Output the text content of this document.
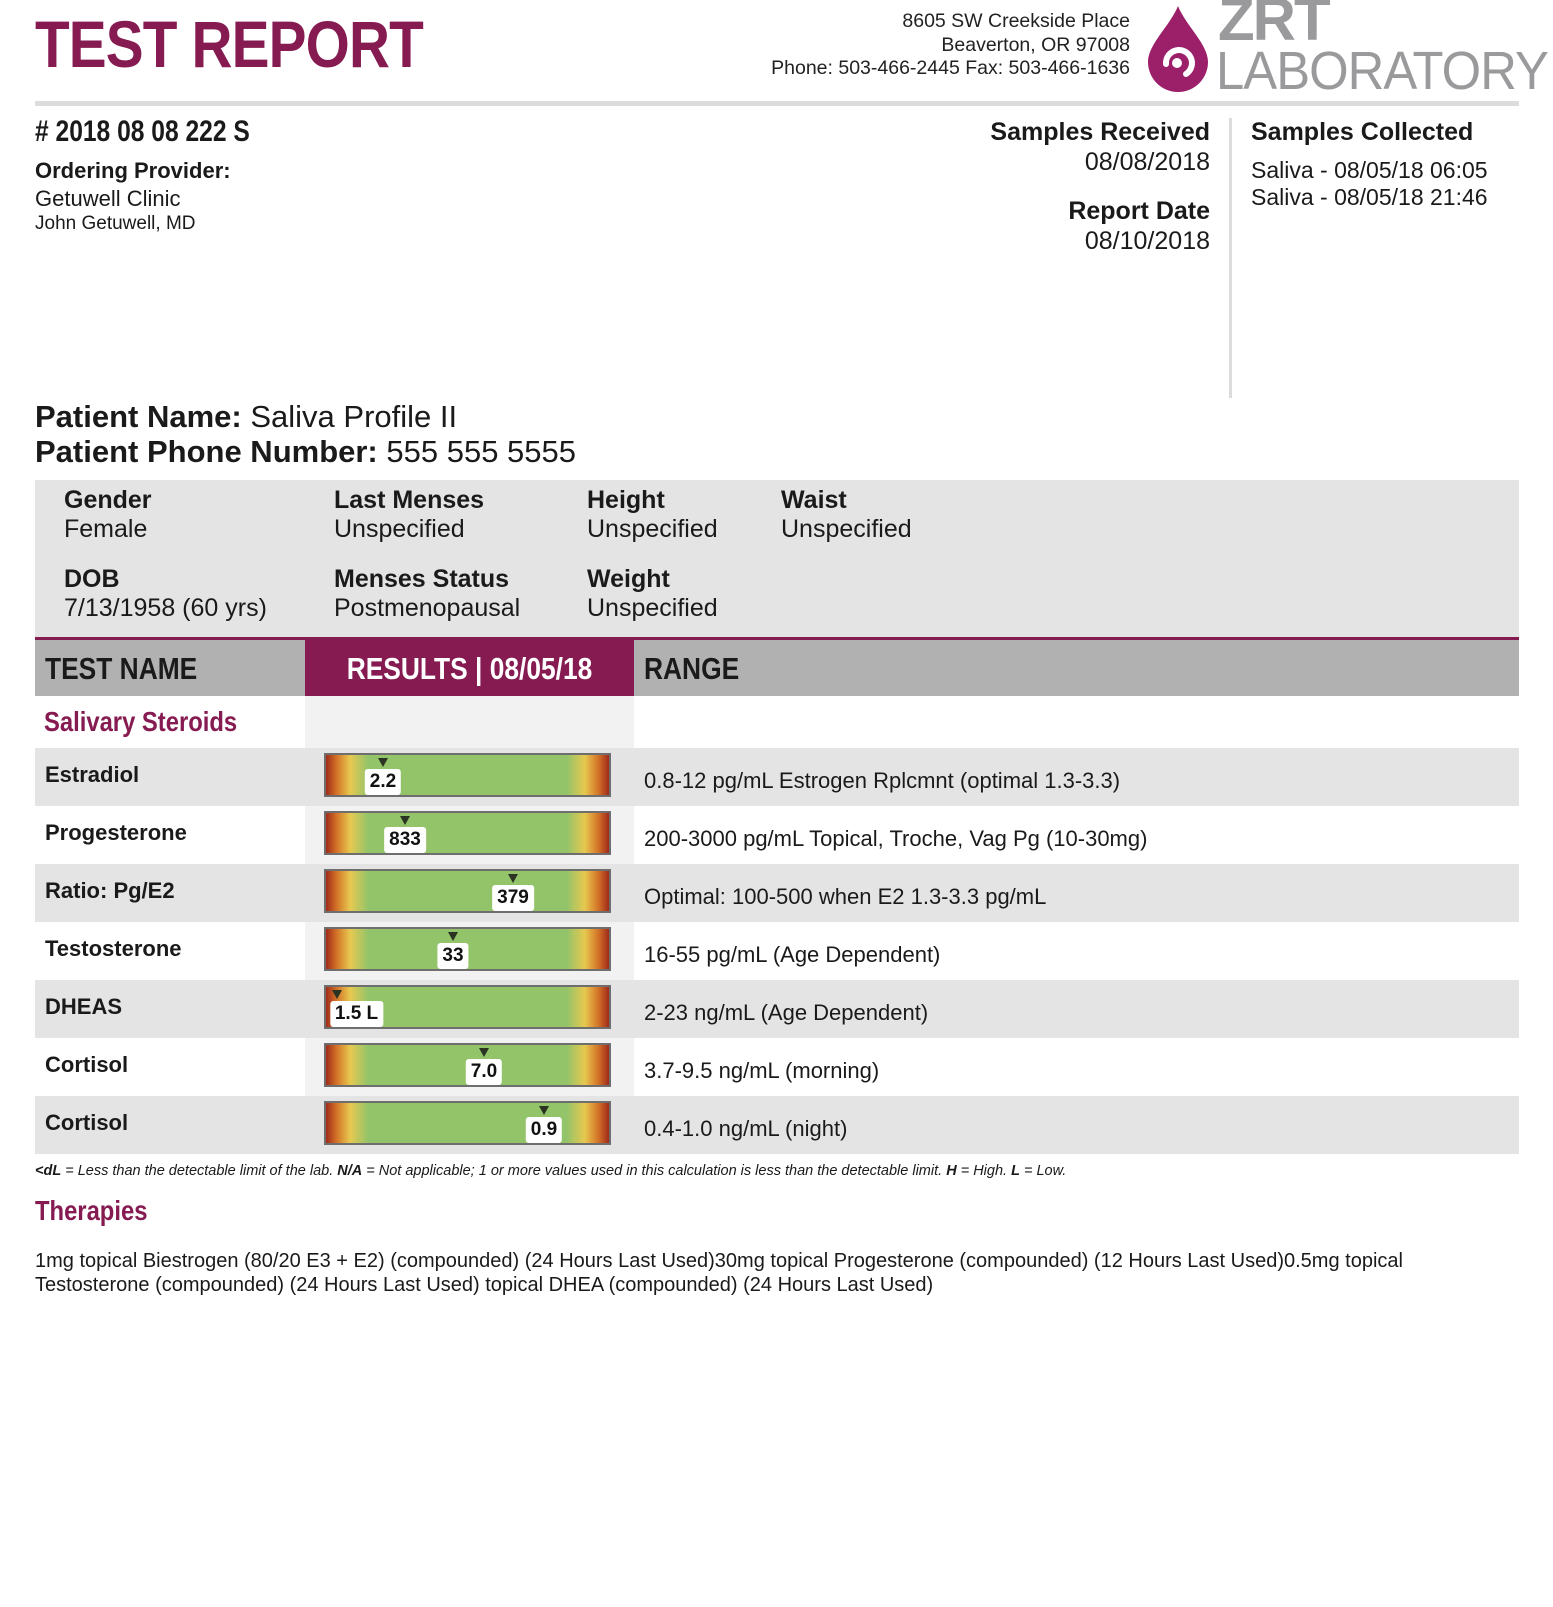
TEST REPORT	8605 SW Creekside Place
Beaverton, OR 97008
Phone: 503-466-2445 Fax: 503-466-1636
ZRT
LABORATORY
# 2018 08 08 222 S
Ordering Provider:
Getuwell Clinic
John Getuwell, MD
Samples Received
08/08/2018
Report Date
08/10/2018
Samples Collected
Saliva - 08/05/18 06:05
Saliva - 08/05/18 21:46
Patient Name: Saliva Profile II
Patient Phone Number: 555 555 5555
Gender
Female
Last Menses
Unspecified
Height
Unspecified
Waist
Unspecified
DOB
7/13/1958 (60 yrs)
Menses Status
Postmenopausal
Weight
Unspecified
TEST NAME	RESULTS | 08/05/18	RANGE
Salivary Steroids
Estradiol	2.2	0.8-12 pg/mL Estrogen Rplcmnt (optimal 1.3-3.3)
Progesterone	833	200-3000 pg/mL Topical, Troche, Vag Pg (10-30mg)
Ratio: Pg/E2	379	Optimal: 100-500 when E2 1.3-3.3 pg/mL
Testosterone	33	16-55 pg/mL (Age Dependent)
DHEAS	1.5 L	2-23 ng/mL (Age Dependent)
Cortisol	7.0	3.7-9.5 ng/mL (morning)
Cortisol	0.9	0.4-1.0 ng/mL (night)
<dL = Less than the detectable limit of the lab. N/A = Not applicable; 1 or more values used in this calculation is less than the detectable limit. H = High. L = Low.
Therapies
1mg topical Biestrogen (80/20 E3 + E2) (compounded) (24 Hours Last Used)30mg topical Progesterone (compounded) (12 Hours Last Used)0.5mg topical Testosterone (compounded) (24 Hours Last Used) topical DHEA (compounded) (24 Hours Last Used)
